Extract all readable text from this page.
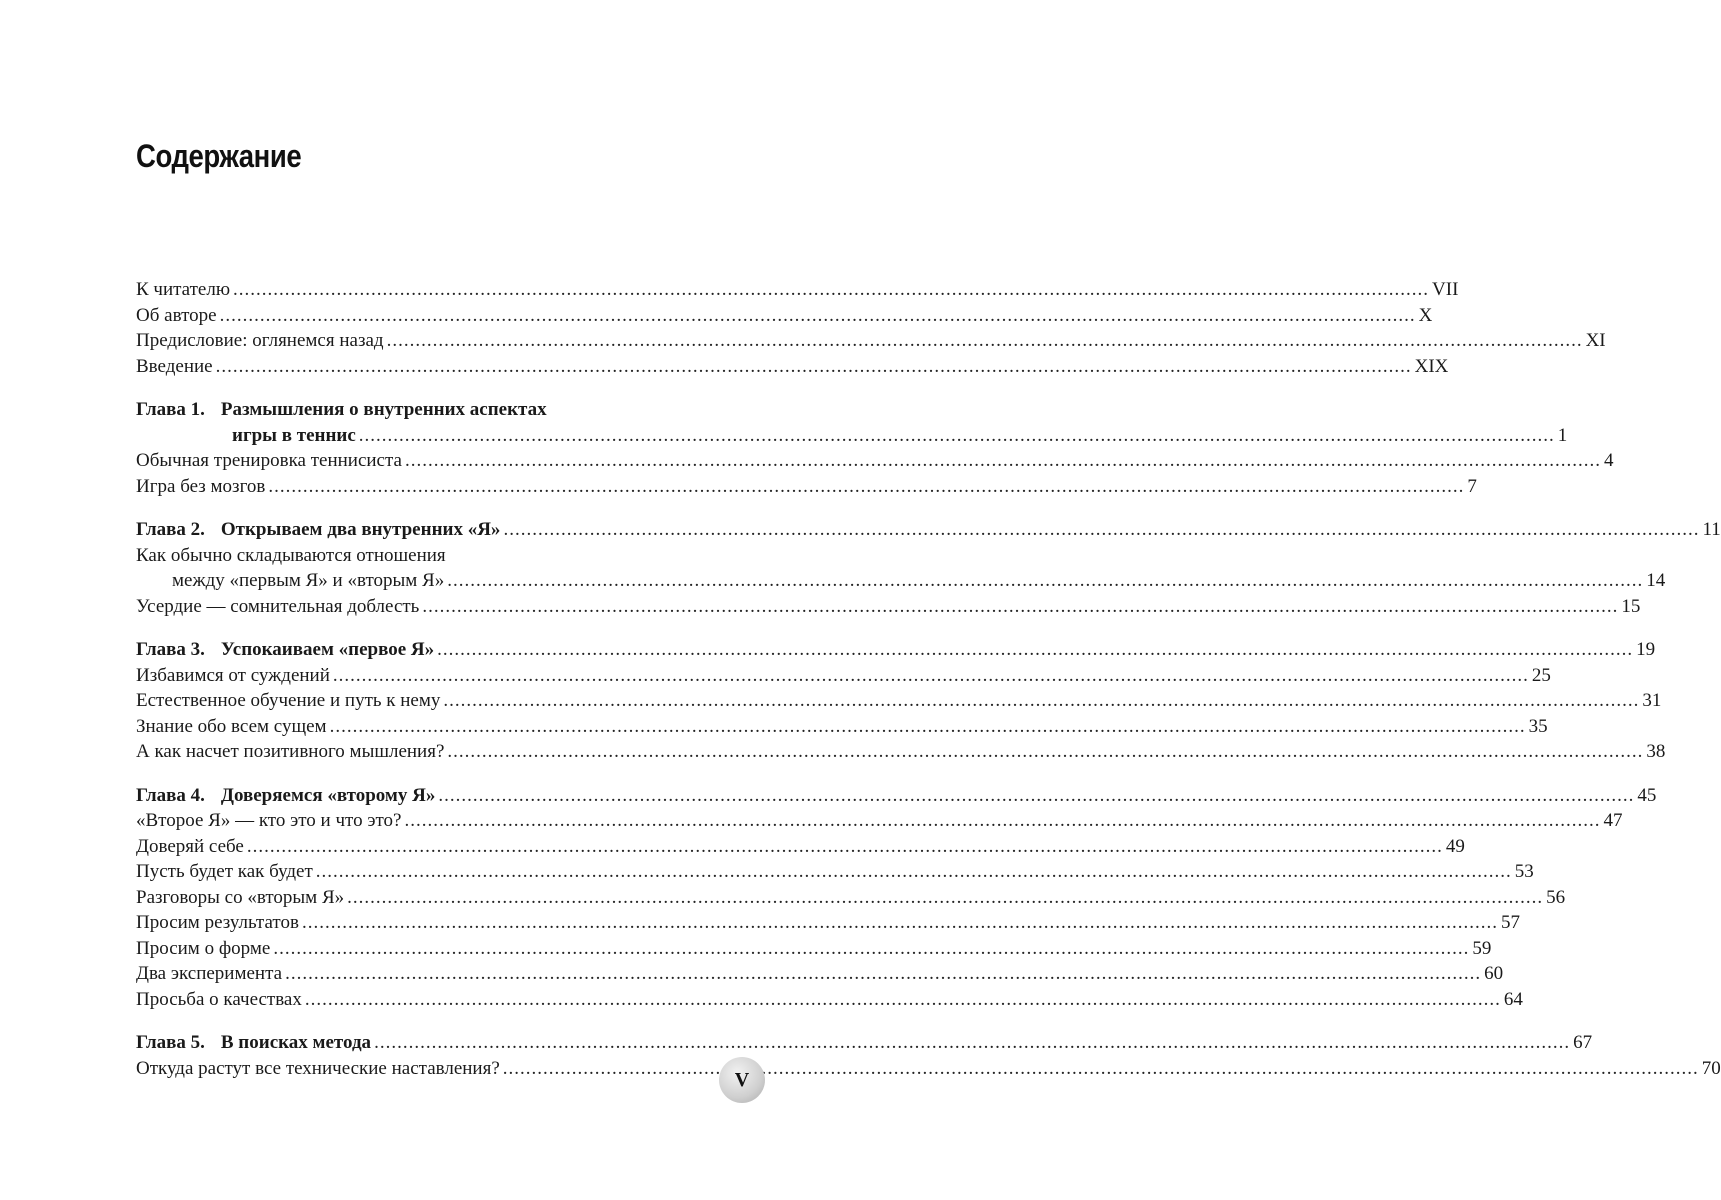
Содержание
К читателю .....	VII
Об авторе .....	X
Предисловие: оглянемся назад .....	XI
Введение .....	XIX
Глава 1. Размышления о внутренних аспектах
игры в теннис .....	1
Обычная тренировка теннисиста .....	4
Игра без мозгов .....	7
Глава 2. Открываем два внутренних «Я» .....	11
Как обычно складываются отношения
между «первым Я» и «вторым Я» .....	14
Усердие — сомнительная доблесть .....	15
Глава 3. Успокаиваем «первое Я» .....	19
Избавимся от суждений .....	25
Естественное обучение и путь к нему .....	31
Знание обо всем сущем .....	35
А как насчет позитивного мышления? .....	38
Глава 4. Доверяемся «второму Я» .....	45
«Второе Я» — кто это и что это? .....	47
Доверяй себе .....	49
Пусть будет как будет .....	53
Разговоры со «вторым Я» .....	56
Просим результатов .....	57
Просим о форме .....	59
Два эксперимента .....	60
Просьба о качествах .....	64
Глава 5. В поисках метода .....	67
Откуда растут все технические наставления? .....	70
V
